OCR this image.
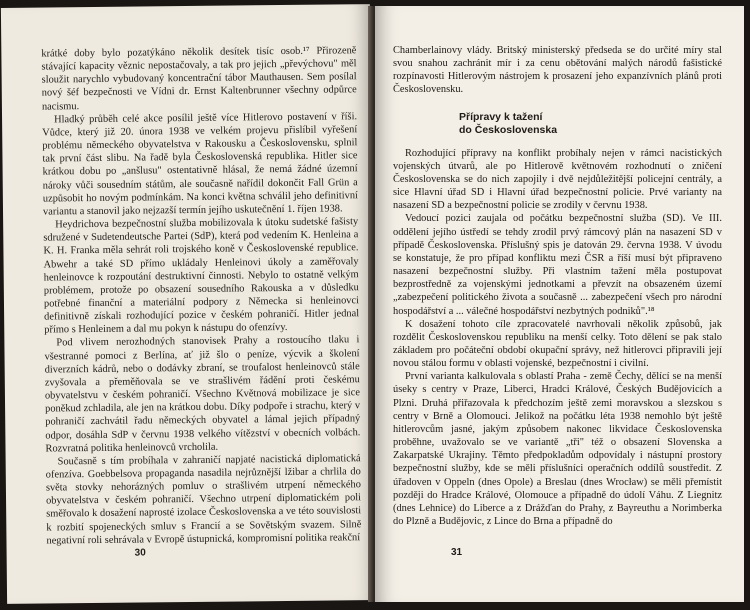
krátké doby bylo pozatýkáno několik desítek tisíc osob.¹⁷ Přirozeně stávající kapacity věznic nepostačovaly, a tak pro jejich „převýchovu" měl sloužit narychlo vybudovaný koncentrační tábor Mauthausen. Sem posílal nový šéf bezpečnosti ve Vídni dr. Ernst Kaltenbrunner všechny odpůrce nacismu.

Hladký průběh celé akce posílil ještě více Hitlerovo postavení v říši. Vůdce, který již 20. února 1938 ve velkém projevu přislíbil vyřešení problému německého obyvatelstva v Rakousku a Československu, splnil tak první část slibu. Na řadě byla Československá republika. Hitler sice krátkou dobu po „anšlusu" ostentativně hlásal, že nemá žádné územní nároky vůči sousedním státům, ale současně nařídil dokončit Fall Grün a uzpůsobit ho novým podmínkám. Na konci května schválil jeho definitivní variantu a stanovil jako nejzazší termín jejího uskutečnění 1. říjen 1938.

Heydrichova bezpečnostní služba mobilizovala k útoku sudetské fašisty sdružené v Sudetendeutsche Partei (SdP), která pod vedením K. Henleina a K. H. Franka měla sehrát roli trojského koně v Československé republice. Abwehr a také SD přímo ukládaly Henleinovi úkoly a zaměřovaly henleinovce k rozpoutání destruktivní činnosti. Nebylo to ostatně velkým problémem, protože po obsazení sousedního Rakouska a v důsledku potřebné finanční a materiální podpory z Německa si henleinovci definitivně získali rozhodující pozice v českém pohraničí. Hitler jednal přímo s Henleinem a dal mu pokyn k nástupu do ofenzívy.

Pod vlivem nerozhodných stanovisek Prahy a rostoucího tlaku i všestranné pomoci z Berlína, ať již šlo o peníze, výcvik a školení diverzních kádrů, nebo o dodávky zbraní, se troufalost henleinovců stále zvyšovala a přeměňovala se ve strašlivém řádění proti českému obyvatelstvu v českém pohraničí. Všechno Květnová mobilizace je sice poněkud zchladila, ale jen na krátkou dobu. Díky podpoře i strachu, který v pohraničí zachvátil řadu německých obyvatel a lámal jejich případný odpor, dosáhla SdP v červnu 1938 velkého vítězství v obecních volbách. Rozvratná politika henleinovců vrcholila.

Současně s tím probíhala v zahraničí napjaté nacistická diplomatická ofenzíva. Goebbelsova propaganda nasadila nejrůznější lžibar a chrlila do světa stovky nehorázných pomluv o strašlivém utrpení německého obyvatelstva v českém pohraničí. Všechno utrpení diplomatickém poli směřovalo k dosažení naprosté izolace Československa a ve této souvislosti k rozbití spojeneckých smluv s Francií a se Sovětským svazem. Silně negativní roli sehrávala v Evropě ústupnická, kompromisní politika reakční

30

Chamberlainovy vlády. Britský ministerský předseda se do určité míry stal svou snahou zachránit mír i za cenu obětování malých národů fašistické rozpínavosti Hitlerovým nástrojem k prosazení jeho expanzívních plánů proti Československu.

Přípravy k tažení
do Československa

Rozhodující přípravy na konflikt probíhaly nejen v rámci nacistických vojenských útvarů, ale po Hitlerově květnovém rozhodnutí o zničení Československa se do nich zapojily i dvě nejdůležitější policejní centrály, a sice Hlavní úřad SD i Hlavní úřad bezpečnostní policie. Prvé varianty na nasazení SD a bezpečnostní policie se zrodily v červnu 1938.

Vedoucí pozici zaujala od počátku bezpečnostní služba (SD). Ve III. oddělení jejího ústředí se tehdy zrodil prvý rámcový plán na nasazení SD v případě Československa. Příslušný spis je datován 29. června 1938. V úvodu se konstatuje, že pro případ konfliktu mezi ČSR a říší musí být připraveno nasazení bezpečnostní služby. Při vlastním tažení měla postupovat bezprostředně za vojenskými jednotkami a převzít na obsazeném území „zabezpečení politického života a současně ... zabezpečení všech pro národní hospodářství a ... válečné hospodářství nezbytných podniků".¹⁸

K dosažení tohoto cíle zpracovatelé navrhovali několik způsobů, jak rozdělit Československou republiku na menší celky. Toto dělení se pak stalo základem pro počáteční období okupační správy, než hitlerovci připravili její novou stálou formu v oblasti vojenské, bezpečnostní i civilní.

První varianta kalkulovala s oblastí Praha - země Čechy, dělící se na menší úseky s centry v Praze, Liberci, Hradci Králové, Českých Budějovicích a Plzni. Druhá přiřazovala k předchozím ještě zemi moravskou a slezskou s centry v Brně a Olomouci. Jelikož na počátku léta 1938 nemohlo být ještě hitlerovcům jasné, jakým způsobem nakonec likvidace Československa proběhne, uvažovalo se ve variantě „tři" též o obsazení Slovenska a Zakarpatské Ukrajiny. Těmto předpokladům odpovídaly i nástupní prostory bezpečnostní služby, kde se měli příslušníci operačních oddílů soustředit. Z úřadoven v Oppeln (dnes Opole) a Breslau (dnes Wrocław) se měli přemístit později do Hradce Králové, Olomouce a případně do údolí Váhu. Z Liegnitz (dnes Lehnice) do Liberce a z Drážďan do Prahy, z Bayreuthu a Norimberka do Plzně a Budějovic, z Lince do Brna a případně do

31
